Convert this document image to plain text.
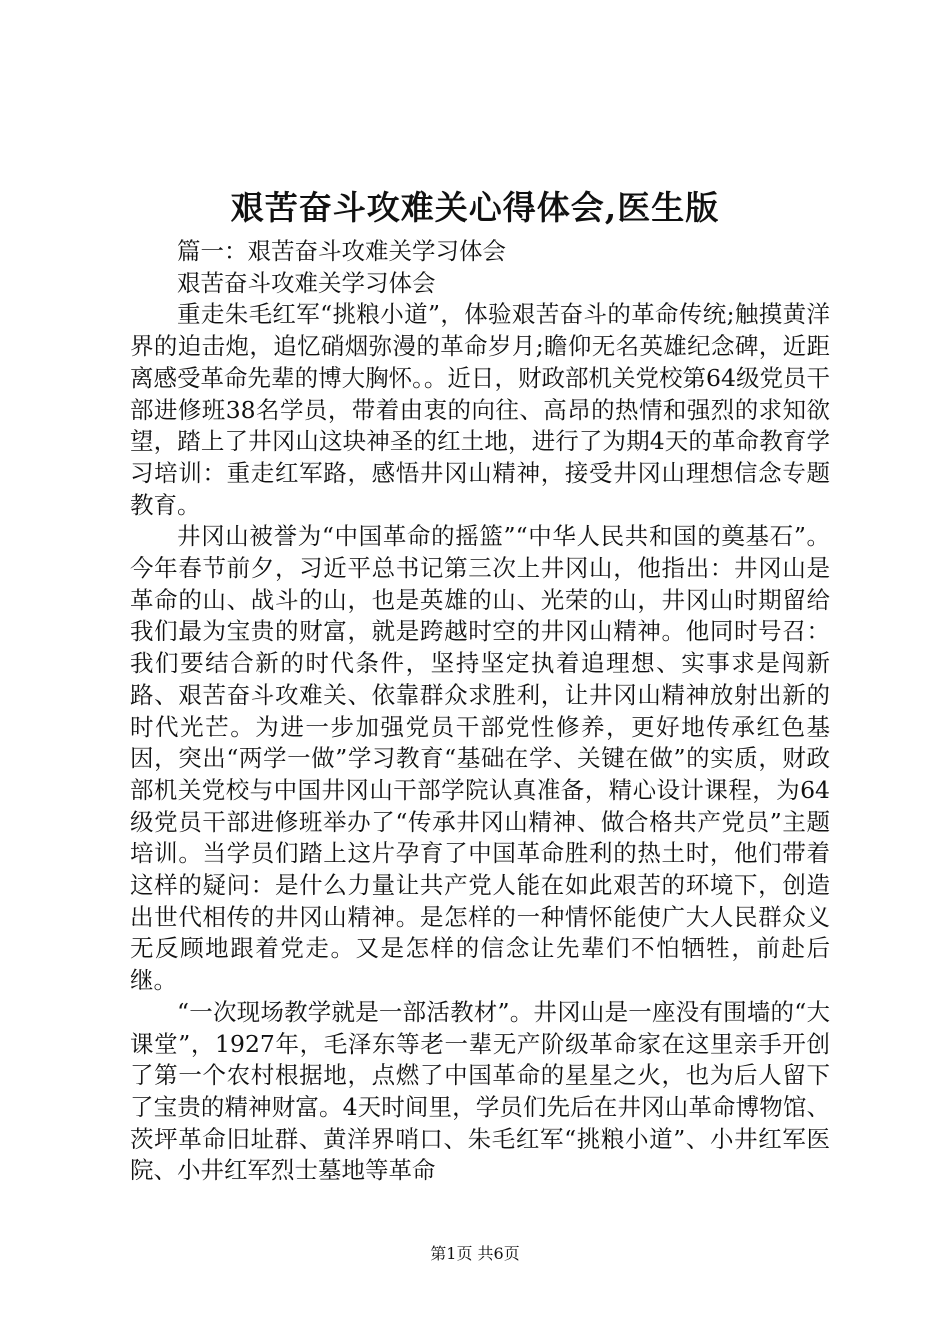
艰苦奋斗攻难关心得体会,医生版

篇一：艰苦奋斗攻难关学习体会

艰苦奋斗攻难关学习体会

重走朱毛红军“挑粮小道”，体验艰苦奋斗的革命传统;触摸黄洋界的迫击炮，追忆硝烟弥漫的革命岁月;瞻仰无名英雄纪念碑，近距离感受革命先辈的博大胸怀。。近日，财政部机关党校第64级党员干部进修班38名学员，带着由衷的向往、高昂的热情和强烈的求知欲望，踏上了井冈山这块神圣的红土地，进行了为期4天的革命教育学习培训：重走红军路，感悟井冈山精神，接受井冈山理想信念专题教育。

井冈山被誉为“中国革命的摇篮”“中华人民共和国的奠基石”。今年春节前夕，习近平总书记第三次上井冈山，他指出：井冈山是革命的山、战斗的山，也是英雄的山、光荣的山，井冈山时期留给我们最为宝贵的财富，就是跨越时空的井冈山精神。他同时号召：我们要结合新的时代条件，坚持坚定执着追理想、实事求是闯新路、艰苦奋斗攻难关、依靠群众求胜利，让井冈山精神放射出新的时代光芒。为进一步加强党员干部党性修养，更好地传承红色基因，突出“两学一做”学习教育“基础在学、关键在做”的实质，财政部机关党校与中国井冈山干部学院认真准备，精心设计课程，为64级党员干部进修班举办了“传承井冈山精神、做合格共产党员”主题培训。当学员们踏上这片孕育了中国革命胜利的热土时，他们带着这样的疑问：是什么力量让共产党人能在如此艰苦的环境下，创造出世代相传的井冈山精神。是怎样的一种情怀能使广大人民群众义无反顾地跟着党走。又是怎样的信念让先辈们不怕牺牲，前赴后继。

“一次现场教学就是一部活教材”。井冈山是一座没有围墙的“大课堂”，1927年，毛泽东等老一辈无产阶级革命家在这里亲手开创了第一个农村根据地，点燃了中国革命的星星之火，也为后人留下了宝贵的精神财富。4天时间里，学员们先后在井冈山革命博物馆、茨坪革命旧址群、黄洋界哨口、朱毛红军“挑粮小道”、小井红军医院、小井红军烈士墓地等革命

第1页 共6页
